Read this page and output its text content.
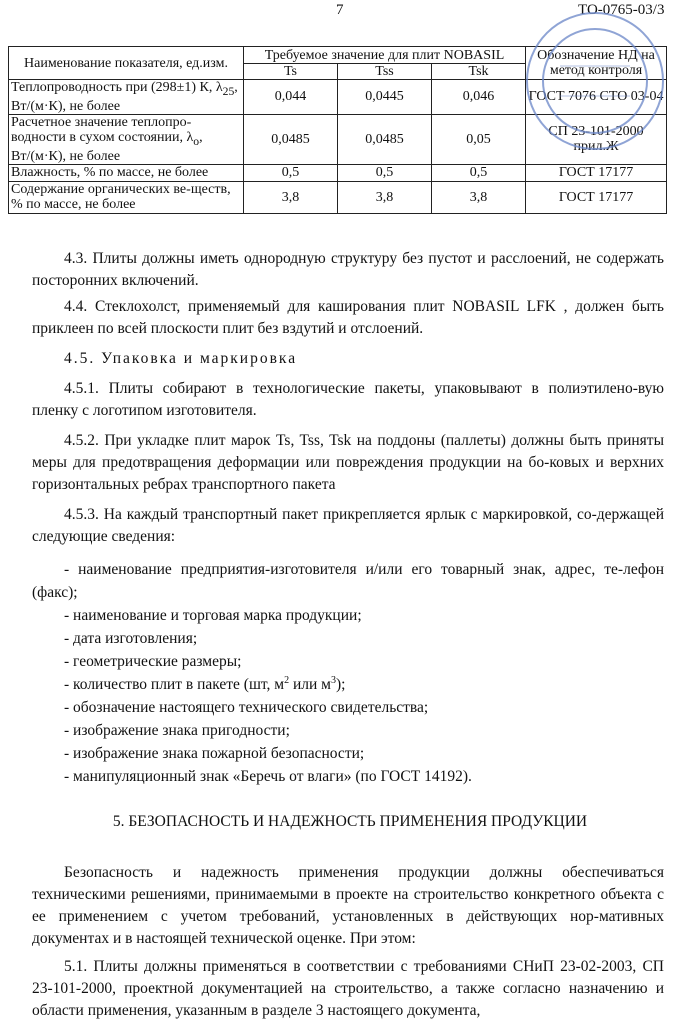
7	ТО-0765-03/3
Наименование показателя, ед.изм.	Требуемое значение для плит NOBASIL			Обозначение НД на метод контроля
	Ts	Tss	Tsk	
Теплопроводность при (298±1) К, $\lambda_{25}$, Вт/(м·К), не более	0,044	0,0445	0,046	ГОСТ 7076 СТО 03-04
Расчетное значение теплопро-водности в сухом состоянии, $\lambda_о$, Вт/(м·К), не более	0,0485	0,0485	0,05	СП 23-101-2000 прил.Ж
Влажность, % по массе, не более	0,5	0,5	0,5	ГОСТ 17177
Содержание органических ве-ществ, % по массе, не более	3,8	3,8	3,8	ГОСТ 17177

4.3. Плиты должны иметь однородную структуру без пустот и расслоений, не содержать посторонних включений.

4.4. Стеклохолст, применяемый для каширования плит NOBASIL LFK , должен быть приклеен по всей плоскости плит без вздутий и отслоений.

4.5. Упаковка и маркировка

4.5.1. Плиты собирают в технологические пакеты, упаковывают в полиэтилено-вую пленку с логотипом изготовителя.

4.5.2. При укладке плит марок Ts, Tss, Tsk на поддоны (паллеты) должны быть приняты меры для предотвращения деформации или повреждения продукции на бо-ковых и верхних горизонтальных ребрах транспортного пакета

4.5.3. На каждый транспортный пакет прикрепляется ярлык с маркировкой, со-держащей следующие сведения:

- наименование предприятия-изготовителя и/или его товарный знак, адрес, те-лефон (факс);
- наименование и торговая марка продукции;
- дата изготовления;
- геометрические размеры;
- количество плит в пакете (шт, $м^2$ или $м^3$);
- обозначение настоящего технического свидетельства;
- изображение знака пригодности;
- изображение знака пожарной безопасности;
- манипуляционный знак «Беречь от влаги» (по ГОСТ 14192).
5. БЕЗОПАСНОСТЬ И НАДЕЖНОСТЬ ПРИМЕНЕНИЯ ПРОДУКЦИИ

Безопасность и надежность применения продукции должны обеспечиваться техническими решениями, принимаемыми в проекте на строительство конкретного объекта с ее применением с учетом требований, установленных в действующих нор-мативных документах и в настоящей технической оценке. При этом:

5.1. Плиты должны применяться в соответствии с требованиями СНиП 23-02-2003, СП 23-101-2000, проектной документацией на строительство, а также согласно назначению и области применения, указанным в разделе 3 настоящего документа,
